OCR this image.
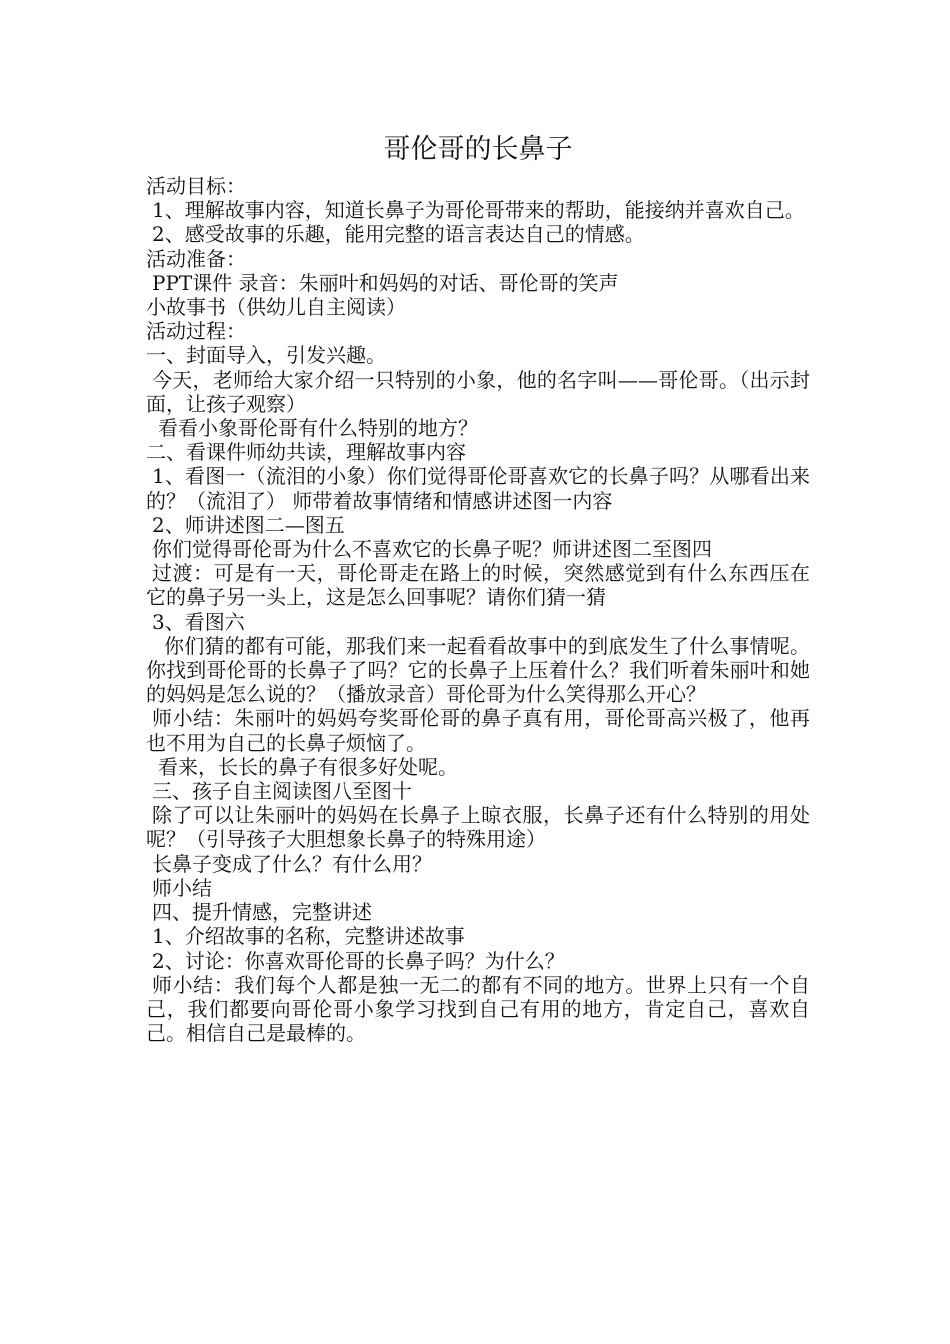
哥伦哥的长鼻子

活动目标：

1、理解故事内容，知道长鼻子为哥伦哥带来的帮助，能接纳并喜欢自己。

2、感受故事的乐趣，能用完整的语言表达自己的情感。

活动准备：

PPT课件 录音：朱丽叶和妈妈的对话、哥伦哥的笑声

小故事书（供幼儿自主阅读）

活动过程：

一、封面导入，引发兴趣。

今天，老师给大家介绍一只特别的小象，他的名字叫——哥伦哥。（出示封面，让孩子观察）

看看小象哥伦哥有什么特别的地方？

二、看课件师幼共读，理解故事内容

1、看图一（流泪的小象）你们觉得哥伦哥喜欢它的长鼻子吗？从哪看出来的？（流泪了） 师带着故事情绪和情感讲述图一内容

2、师讲述图二—图五

你们觉得哥伦哥为什么不喜欢它的长鼻子呢？师讲述图二至图四

过渡：可是有一天，哥伦哥走在路上的时候，突然感觉到有什么东西压在它的鼻子另一头上，这是怎么回事呢？请你们猜一猜

3、看图六

你们猜的都有可能，那我们来一起看看故事中的到底发生了什么事情呢。你找到哥伦哥的长鼻子了吗？它的长鼻子上压着什么？我们听着朱丽叶和她的妈妈是怎么说的？（播放录音）哥伦哥为什么笑得那么开心？

师小结：朱丽叶的妈妈夸奖哥伦哥的鼻子真有用，哥伦哥高兴极了，他再也不用为自己的长鼻子烦恼了。

看来，长长的鼻子有很多好处呢。

三、孩子自主阅读图八至图十

除了可以让朱丽叶的妈妈在长鼻子上晾衣服，长鼻子还有什么特别的用处呢？（引导孩子大胆想象长鼻子的特殊用途）

长鼻子变成了什么？有什么用？

师小结

四、提升情感，完整讲述

1、介绍故事的名称，完整讲述故事

2、讨论：你喜欢哥伦哥的长鼻子吗？为什么？

师小结：我们每个人都是独一无二的都有不同的地方。世界上只有一个自己，我们都要向哥伦哥小象学习找到自己有用的地方，肯定自己，喜欢自己。相信自己是最棒的。
